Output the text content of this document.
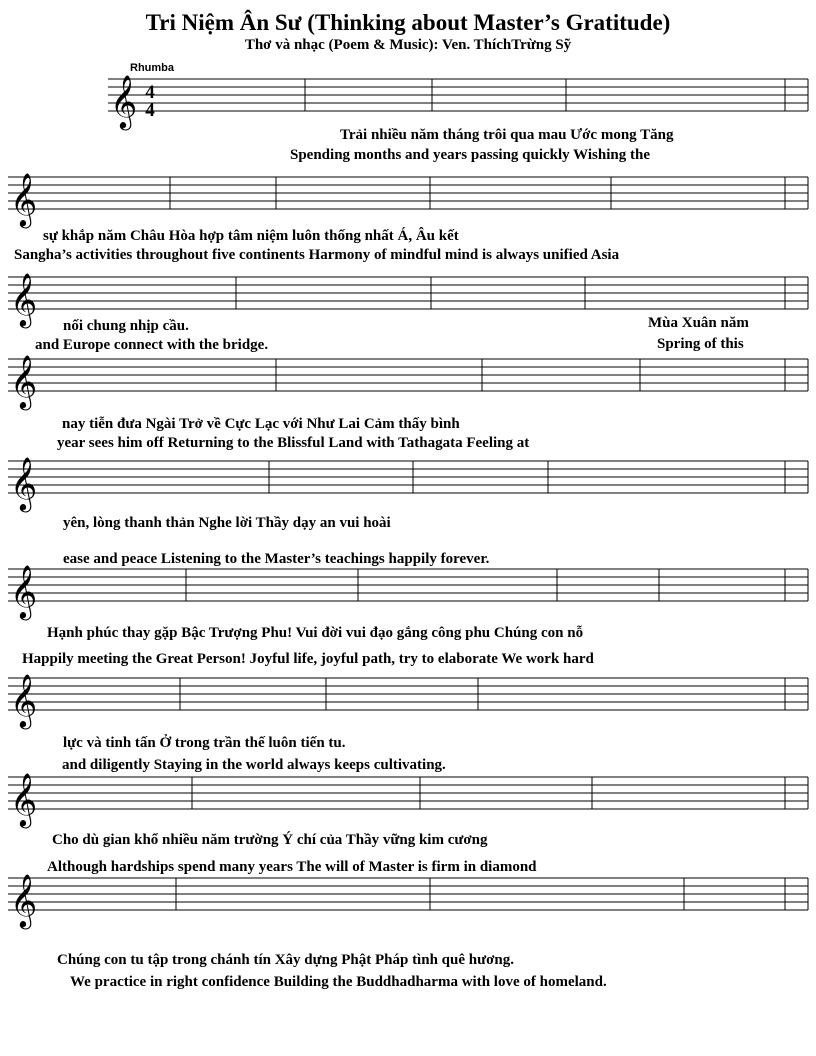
Tri Niệm Ân Sư (Thinking about Master’s Gratitude)
Thơ và nhạc (Poem & Music): Ven. ThíchTrừng Sỹ
Rhumba
4
4
𝄞
𝄞
𝄞
𝄞
𝄞
𝄞
𝄞
𝄞
𝄞
Trải nhiều năm tháng trôi qua mau Ước mong Tăng
Spending months and years passing quickly Wishing the
sự khắp năm Châu Hòa hợp tâm niệm luôn thống nhất Á, Âu kết
Sangha’s activities throughout five continents Harmony of mindful mind is always unified Asia
nối chung nhịp cầu.
and Europe connect with the bridge.
Mùa Xuân năm
Spring of this
nay tiễn đưa Ngài Trở về Cực Lạc với Như Lai Cảm thấy bình
year sees him off Returning to the Blissful Land with Tathagata Feeling at
yên, lòng thanh thản Nghe lời Thầy dạy an vui hoài
ease and peace Listening to the Master’s teachings happily forever.
Hạnh phúc thay gặp Bậc Trượng Phu! Vui đời vui đạo gắng công phu Chúng con nỗ
Happily meeting the Great Person! Joyful life, joyful path, try to elaborate We work hard
lực và tinh tấn Ở trong trần thế luôn tiến tu.
and diligently Staying in the world always keeps cultivating.
Cho dù gian khổ nhiều năm trường Ý chí của Thầy vững kim cương
Although hardships spend many years The will of Master is firm in diamond
Chúng con tu tập trong chánh tín Xây dựng Phật Pháp tình quê hương.
We practice in right confidence Building the Buddhadharma with love of homeland.
